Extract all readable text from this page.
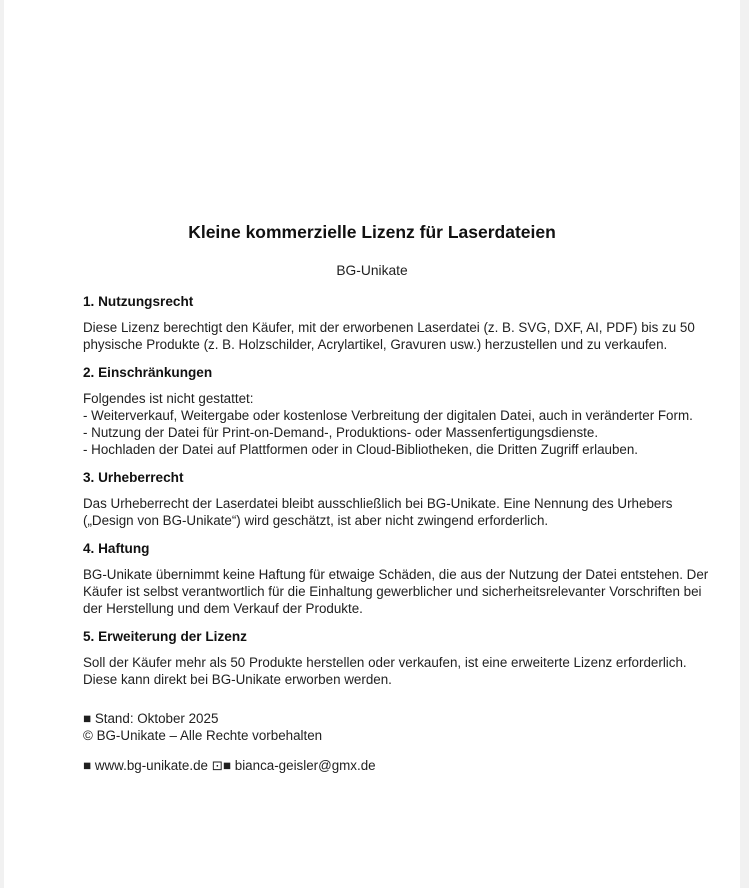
Kleine kommerzielle Lizenz für Laserdateien
BG-Unikate
1. Nutzungsrecht
Diese Lizenz berechtigt den Käufer, mit der erworbenen Laserdatei (z. B. SVG, DXF, AI, PDF) bis zu 50
physische Produkte (z. B. Holzschilder, Acrylartikel, Gravuren usw.) herzustellen und zu verkaufen.
2. Einschränkungen
Folgendes ist nicht gestattet:
- Weiterverkauf, Weitergabe oder kostenlose Verbreitung der digitalen Datei, auch in veränderter Form.
- Nutzung der Datei für Print-on-Demand-, Produktions- oder Massenfertigungsdienste.
- Hochladen der Datei auf Plattformen oder in Cloud-Bibliotheken, die Dritten Zugriff erlauben.
3. Urheberrecht
Das Urheberrecht der Laserdatei bleibt ausschließlich bei BG-Unikate. Eine Nennung des Urhebers
(„Design von BG-Unikate“) wird geschätzt, ist aber nicht zwingend erforderlich.
4. Haftung
BG-Unikate übernimmt keine Haftung für etwaige Schäden, die aus der Nutzung der Datei entstehen. Der
Käufer ist selbst verantwortlich für die Einhaltung gewerblicher und sicherheitsrelevanter Vorschriften bei
der Herstellung und dem Verkauf der Produkte.
5. Erweiterung der Lizenz
Soll der Käufer mehr als 50 Produkte herstellen oder verkaufen, ist eine erweiterte Lizenz erforderlich.
Diese kann direkt bei BG-Unikate erworben werden.
■ Stand: Oktober 2025
© BG-Unikate – Alle Rechte vorbehalten
■ www.bg-unikate.de ⊡■ bianca-geisler@gmx.de
